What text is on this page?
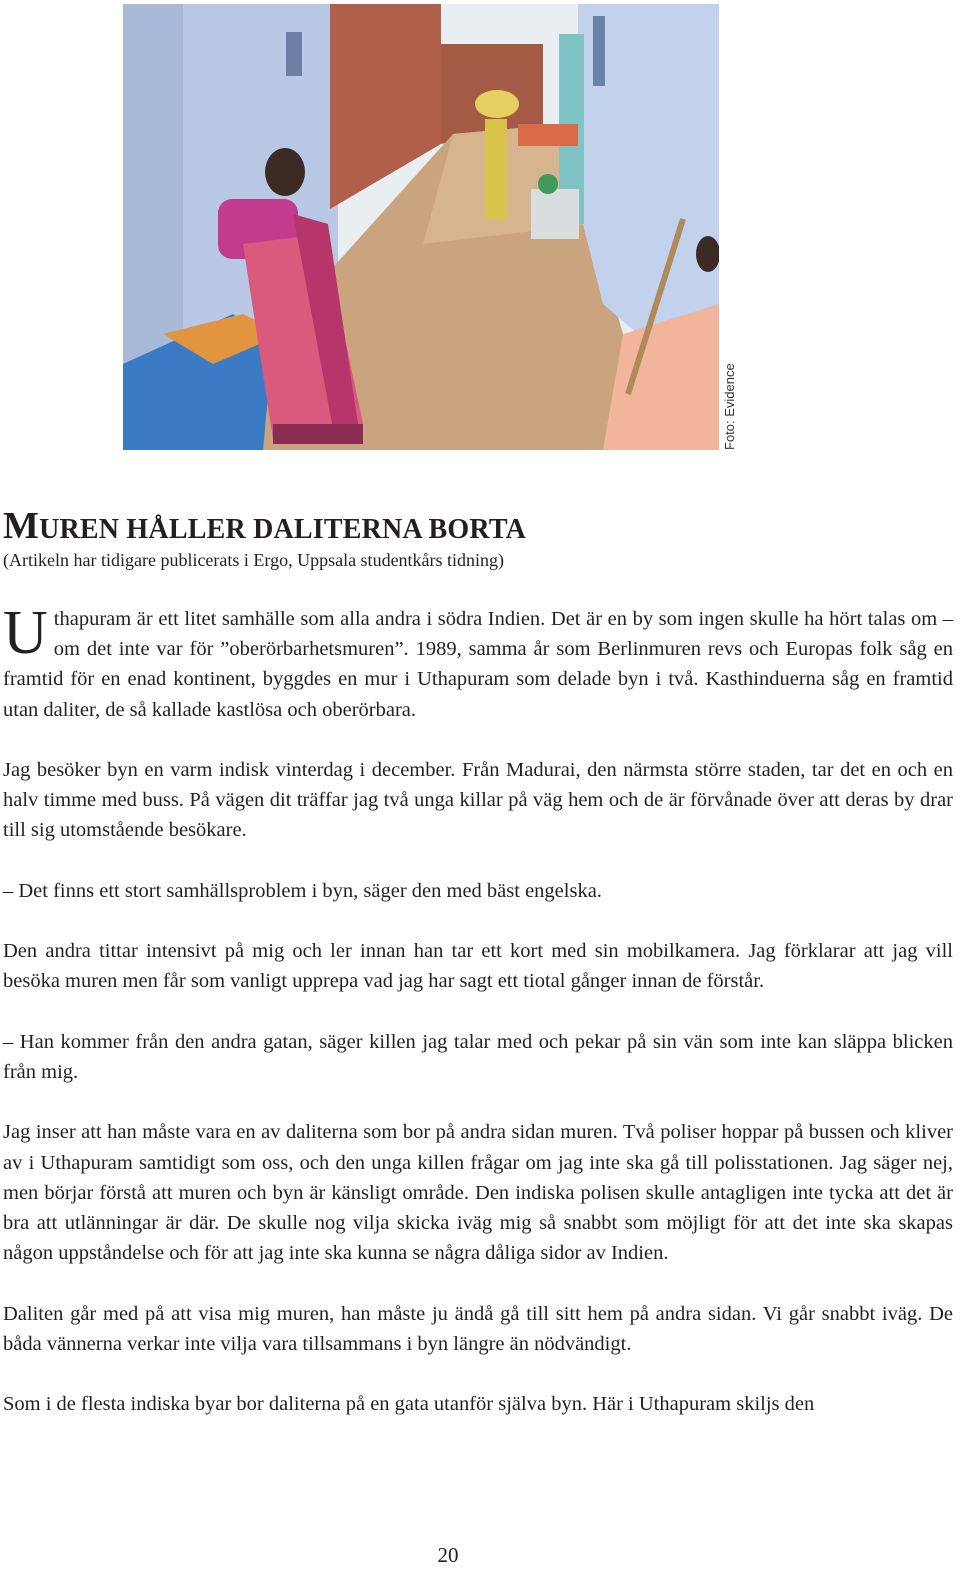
Foto: Evidence
MUREN HÅLLER DALITERNA BORTA
(Artikeln har tidigare publicerats i Ergo, Uppsala studentkårs tidning)

Uthapuram är ett litet samhälle som alla andra i södra Indien. Det är en by som ingen skulle ha hört talas om – om det inte var för ”oberörbarhetsmuren”. 1989, samma år som Berlinmuren revs och Europas folk såg en framtid för en enad kontinent, byggdes en mur i Uthapuram som delade byn i två. Kasthinduerna såg en framtid utan daliter, de så kallade kastlösa och oberörbara.

Jag besöker byn en varm indisk vinterdag i december. Från Madurai, den närmsta större staden, tar det en och en halv timme med buss. På vägen dit träffar jag två unga killar på väg hem och de är förvånade över att deras by drar till sig utomstående besökare.

– Det finns ett stort samhällsproblem i byn, säger den med bäst engelska.

Den andra tittar intensivt på mig och ler innan han tar ett kort med sin mobilkamera. Jag förklarar att jag vill besöka muren men får som vanligt upprepa vad jag har sagt ett tiotal gånger innan de förstår.

– Han kommer från den andra gatan, säger killen jag talar med och pekar på sin vän som inte kan släppa blicken från mig.

Jag inser att han måste vara en av daliterna som bor på andra sidan muren. Två poliser hoppar på bussen och kliver av i Uthapuram samtidigt som oss, och den unga killen frågar om jag inte ska gå till polisstationen. Jag säger nej, men börjar förstå att muren och byn är känsligt område. Den indiska polisen skulle antagligen inte tycka att det är bra att utlänningar är där. De skulle nog vilja skicka iväg mig så snabbt som möjligt för att det inte ska skapas någon uppståndelse och för att jag inte ska kunna se några dåliga sidor av Indien.

Daliten går med på att visa mig muren, han måste ju ändå gå till sitt hem på andra sidan. Vi går snabbt iväg. De båda vännerna verkar inte vilja vara tillsammans i byn längre än nödvändigt.

Som i de flesta indiska byar bor daliterna på en gata utanför själva byn. Här i Uthapuram skiljs den

20
